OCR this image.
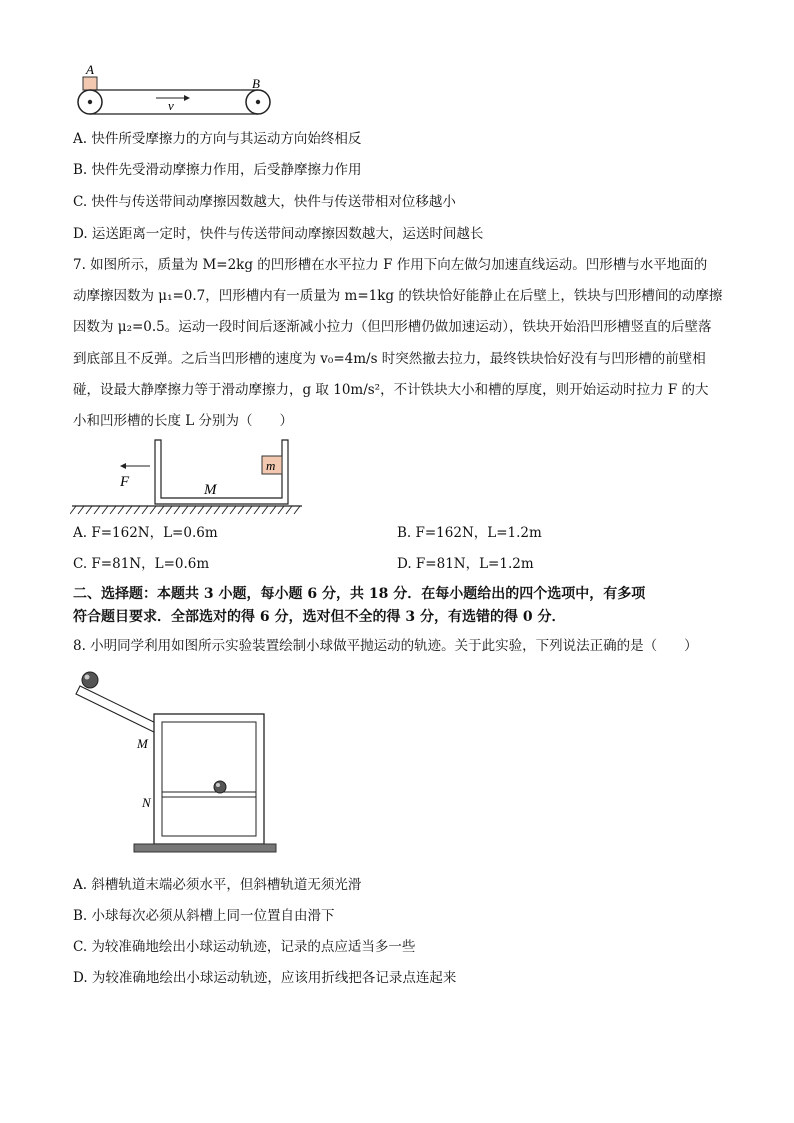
A
B
v
A. 快件所受摩擦力的方向与其运动方向始终相反
B. 快件先受滑动摩擦力作用，后受静摩擦力作用
C. 快件与传送带间动摩擦因数越大，快件与传送带相对位移越小
D. 运送距离一定时，快件与传送带间动摩擦因数越大，运送时间越长
7. 如图所示，质量为 M=2kg 的凹形槽在水平拉力 F 作用下向左做匀加速直线运动。凹形槽与水平地面的
动摩擦因数为 μ₁=0.7，凹形槽内有一质量为 m=1kg 的铁块恰好能静止在后壁上，铁块与凹形槽间的动摩擦
因数为 μ₂=0.5。运动一段时间后逐渐减小拉力（但凹形槽仍做加速运动），铁块开始沿凹形槽竖直的后壁落
到底部且不反弹。之后当凹形槽的速度为 v₀=4m/s 时突然撤去拉力，最终铁块恰好没有与凹形槽的前壁相
碰，设最大静摩擦力等于滑动摩擦力，g 取 10m/s²，不计铁块大小和槽的厚度，则开始运动时拉力 F 的大
小和凹形槽的长度 L 分别为（　　）
m
F	M
A. F=162N，L=0.6m	B. F=162N，L=1.2m
C. F=81N，L=0.6m	D. F=81N，L=1.2m
二、选择题：本题共 3 小题，每小题 6 分，共 18 分．在每小题给出的四个选项中，有多项
符合题目要求．全部选对的得 6 分，选对但不全的得 3 分，有选错的得 0 分．
8. 小明同学利用如图所示实验装置绘制小球做平抛运动的轨迹。关于此实验，下列说法正确的是（　　）
M
N
A. 斜槽轨道末端必须水平，但斜槽轨道无须光滑
B. 小球每次必须从斜槽上同一位置自由滑下
C. 为较准确地绘出小球运动轨迹，记录的点应适当多一些
D. 为较准确地绘出小球运动轨迹，应该用折线把各记录点连起来
